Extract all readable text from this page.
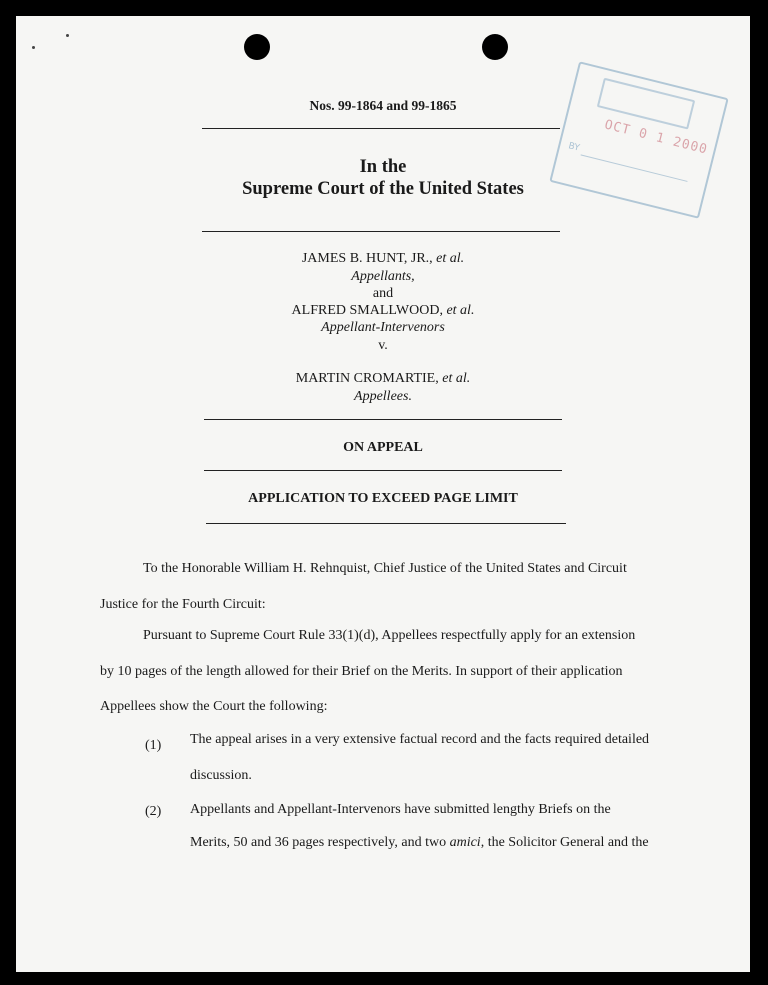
OCT 0 1 2000
BY
Nos. 99-1864 and 99-1865
In the
Supreme Court of the United States
JAMES B. HUNT, JR., et al.
Appellants,
and
ALFRED SMALLWOOD, et al.
Appellant-Intervenors
v.
MARTIN CROMARTIE, et al.
Appellees.
ON APPEAL
APPLICATION TO EXCEED PAGE LIMIT
To the Honorable William H. Rehnquist, Chief Justice of the United States and Circuit
Justice for the Fourth Circuit:
Pursuant to Supreme Court Rule 33(1)(d), Appellees respectfully apply for an extension
by 10 pages of the length allowed for their Brief on the Merits. In support of their application
Appellees show the Court the following:
(1) The appeal arises in a very extensive factual record and the facts required detailed
discussion.
(2) Appellants and Appellant-Intervenors have submitted lengthy Briefs on the
Merits, 50 and 36 pages respectively, and two amici, the Solicitor General and the
